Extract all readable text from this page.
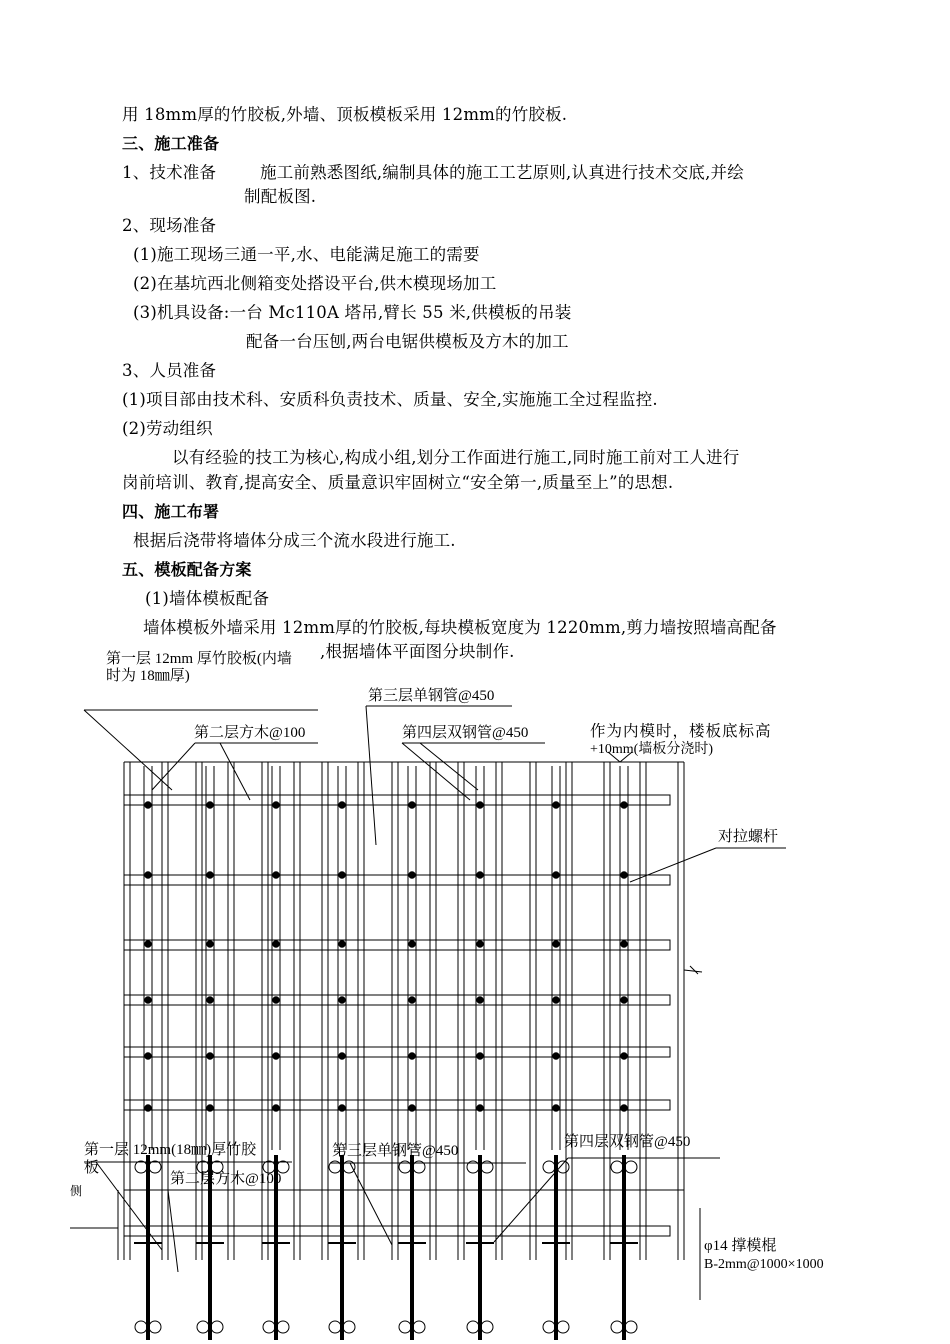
用 18mm厚的竹胶板,外墙、顶板模板采用 12mm的竹胶板.
三、施工准备
1、技术准备	施工前熟悉图纸,编制具体的施工工艺原则,认真进行技术交底,并绘
制配板图.
2、现场准备
(1)施工现场三通一平,水、电能满足施工的需要
(2)在基坑西北侧箱变处搭设平台,供木模现场加工
(3)机具设备:一台 Mc110A 塔吊,臂长 55 米,供模板的吊装
配备一台压刨,两台电锯供模板及方木的加工
3、人员准备
(1)项目部由技术科、安质科负责技术、质量、安全,实施施工全过程监控.
(2)劳动组织
以有经验的技工为核心,构成小组,划分工作面进行施工,同时施工前对工人进行
岗前培训、教育,提高安全、质量意识牢固树立“安全第一,质量至上”的思想.
四、施工布署
根据后浇带将墙体分成三个流水段进行施工.
五、模板配备方案
(1)墙体模板配备
墙体模板外墙采用 12mm厚的竹胶板,每块模板宽度为 1220mm,剪力墙按照墙高配备
,根据墙体平面图分块制作.
第一层 12mm 厚竹胶板(内墙
时为 18㎜厚)
第三层单钢管@450
第二层方木@100	第四层双钢管@450	作为内模时，楼板底标高
+10mm(墙板分浇时)
对拉螺杆
第一层 12mm(18㎜)厚竹胶
板
侧
第三层单钢管@450
第四层双钢管@450
第二层方木@100
φ14 撑模棍
B-2mm@1000×1000
